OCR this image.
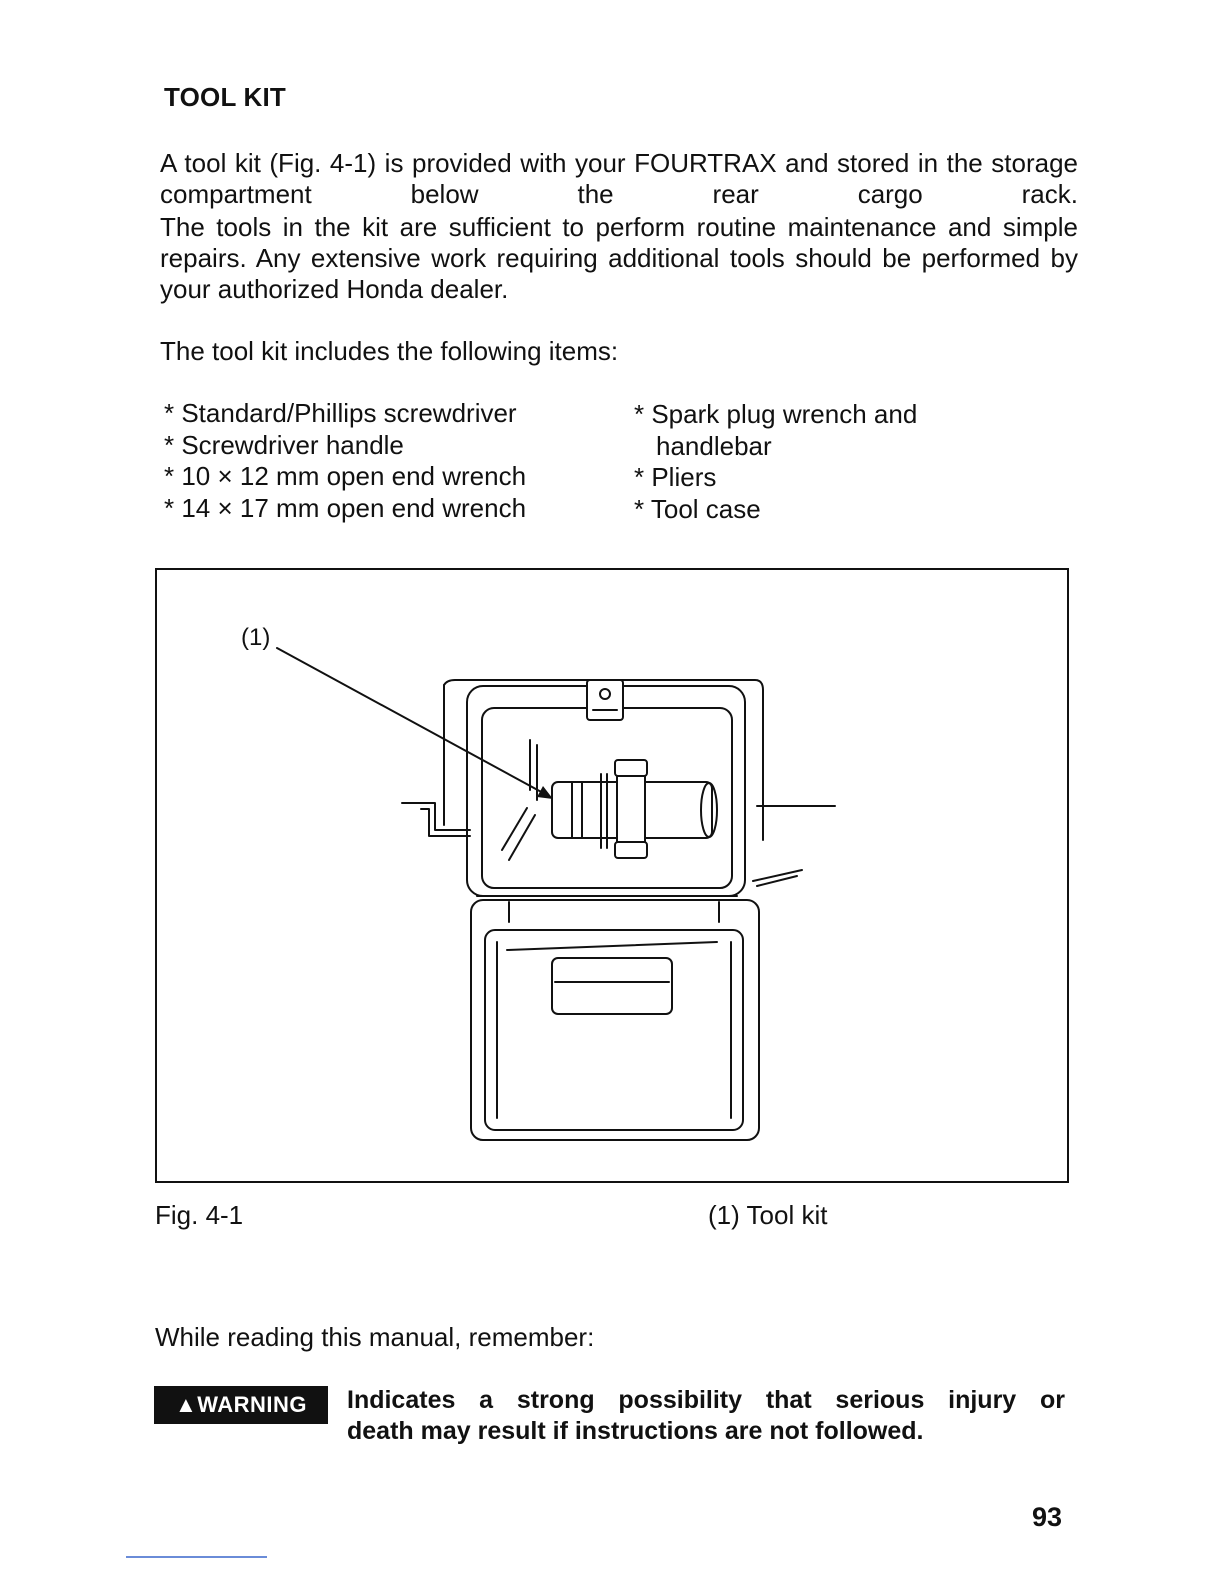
TOOL KIT
A tool kit (Fig. 4-1) is provided with your FOURTRAX and stored in the storage compartment below the rear cargo rack.
The tools in the kit are sufficient to perform routine maintenance and simple repairs. Any extensive work requiring additional tools should be performed by your authorized Honda dealer.
The tool kit includes the following items:
* Standard/Phillips screwdriver
* Screwdriver handle
* 10 × 12 mm open end wrench
* 14 × 17 mm open end wrench
* Spark plug wrench and
handlebar
* Pliers
* Tool case
(1)
Fig. 4-1	(1) Tool kit
While reading this manual, remember:
▲WARNING	Indicates a strong possibility that serious injury or
death may result if instructions are not followed.
93
